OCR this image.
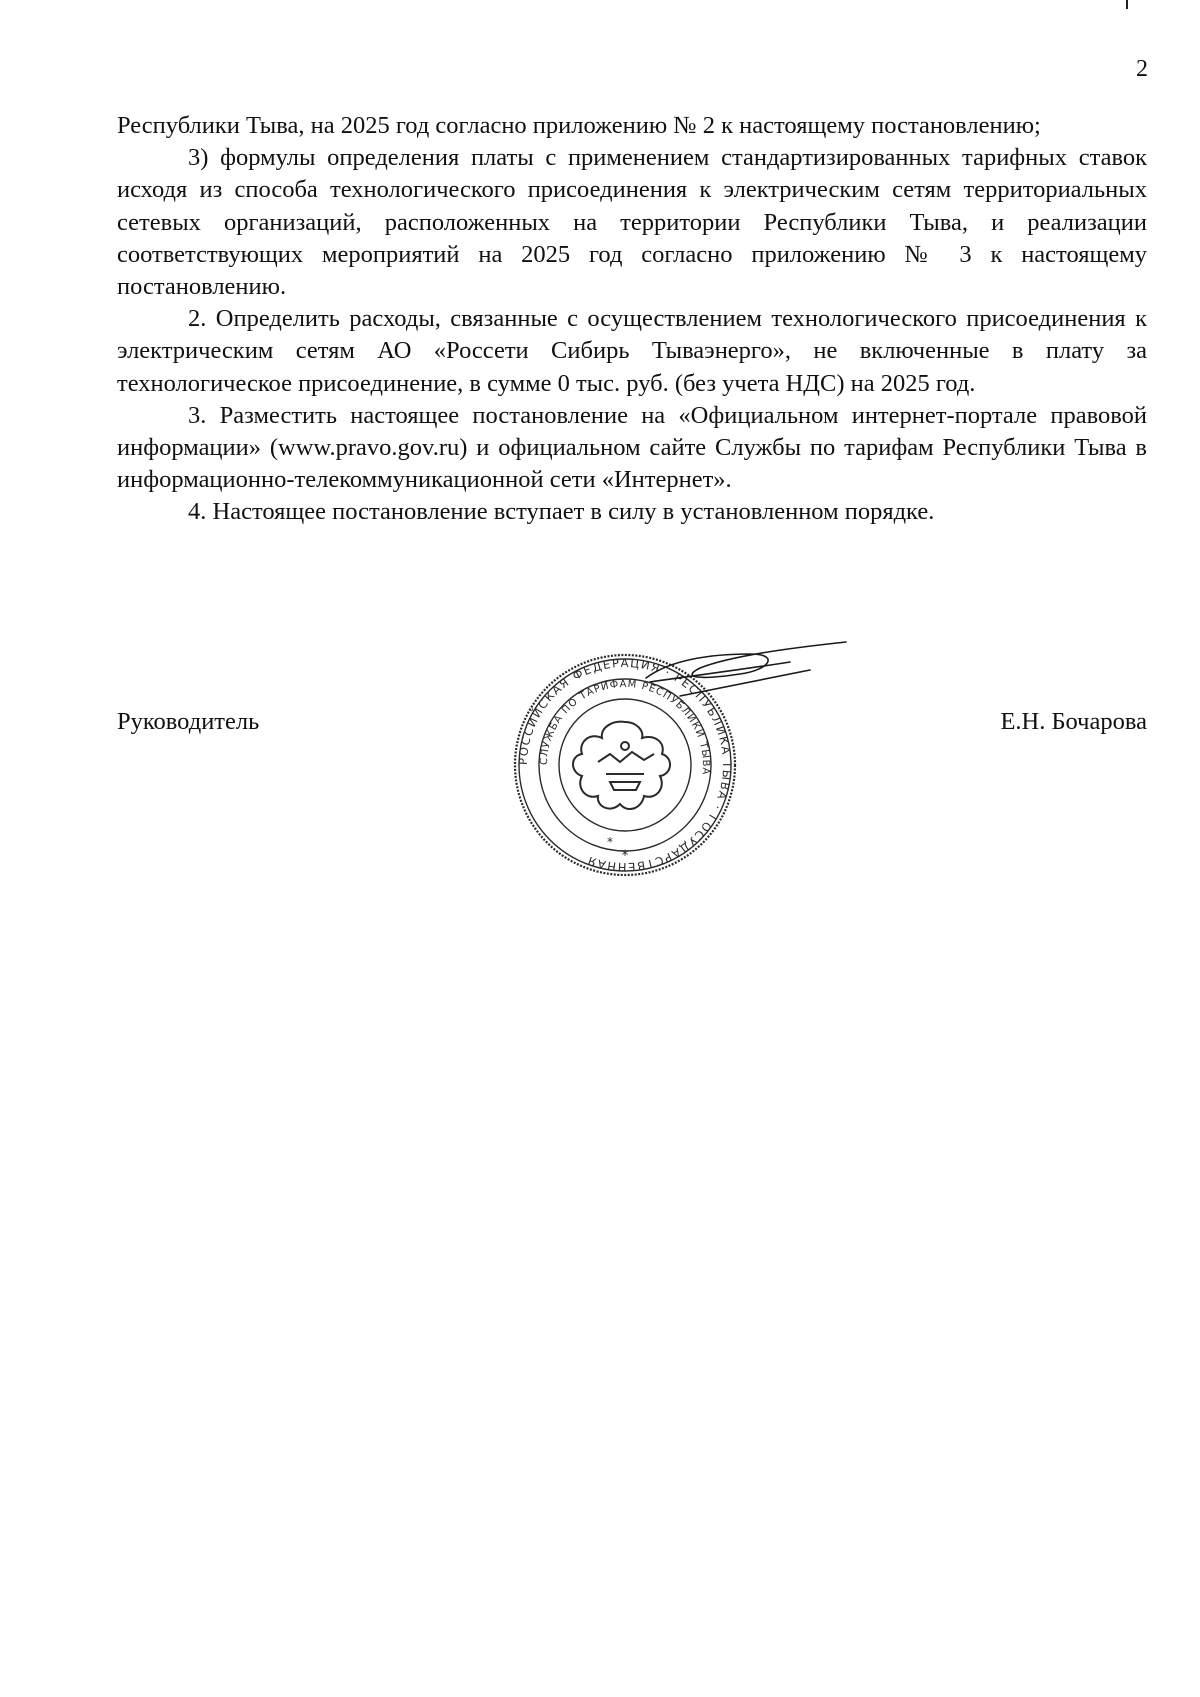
2

Республики Тыва, на 2025 год согласно приложению № 2 к настоящему постановлению;

3) формулы определения платы с применением стандартизированных тарифных ставок исходя из способа технологического присоединения к электрическим сетям территориальных сетевых организаций, расположенных на территории Республики Тыва, и реализации соответствующих мероприятий на 2025 год согласно приложению № 3 к настоящему постановлению.

2. Определить расходы, связанные с осуществлением технологического присоединения к электрическим сетям АО «Россети Сибирь Тываэнерго», не включенные в плату за технологическое присоединение, в сумме 0 тыс. руб. (без учета НДС) на 2025 год.

3. Разместить настоящее постановление на «Официальном интернет-портале правовой информации» (www.pravo.gov.ru) и официальном сайте Службы по тарифам Республики Тыва в информационно-телекоммуникационной сети «Интернет».

4. Настоящее постановление вступает в силу в установленном порядке.

Руководитель	Е.Н. Бочарова
РОССИЙСКАЯ ФЕДЕРАЦИЯ · РЕСПУБЛИКА ТЫВА · ГОСУДАРСТВЕННАЯ
СЛУЖБА ПО ТАРИФАМ РЕСПУБЛИКИ ТЫВА
*
*
